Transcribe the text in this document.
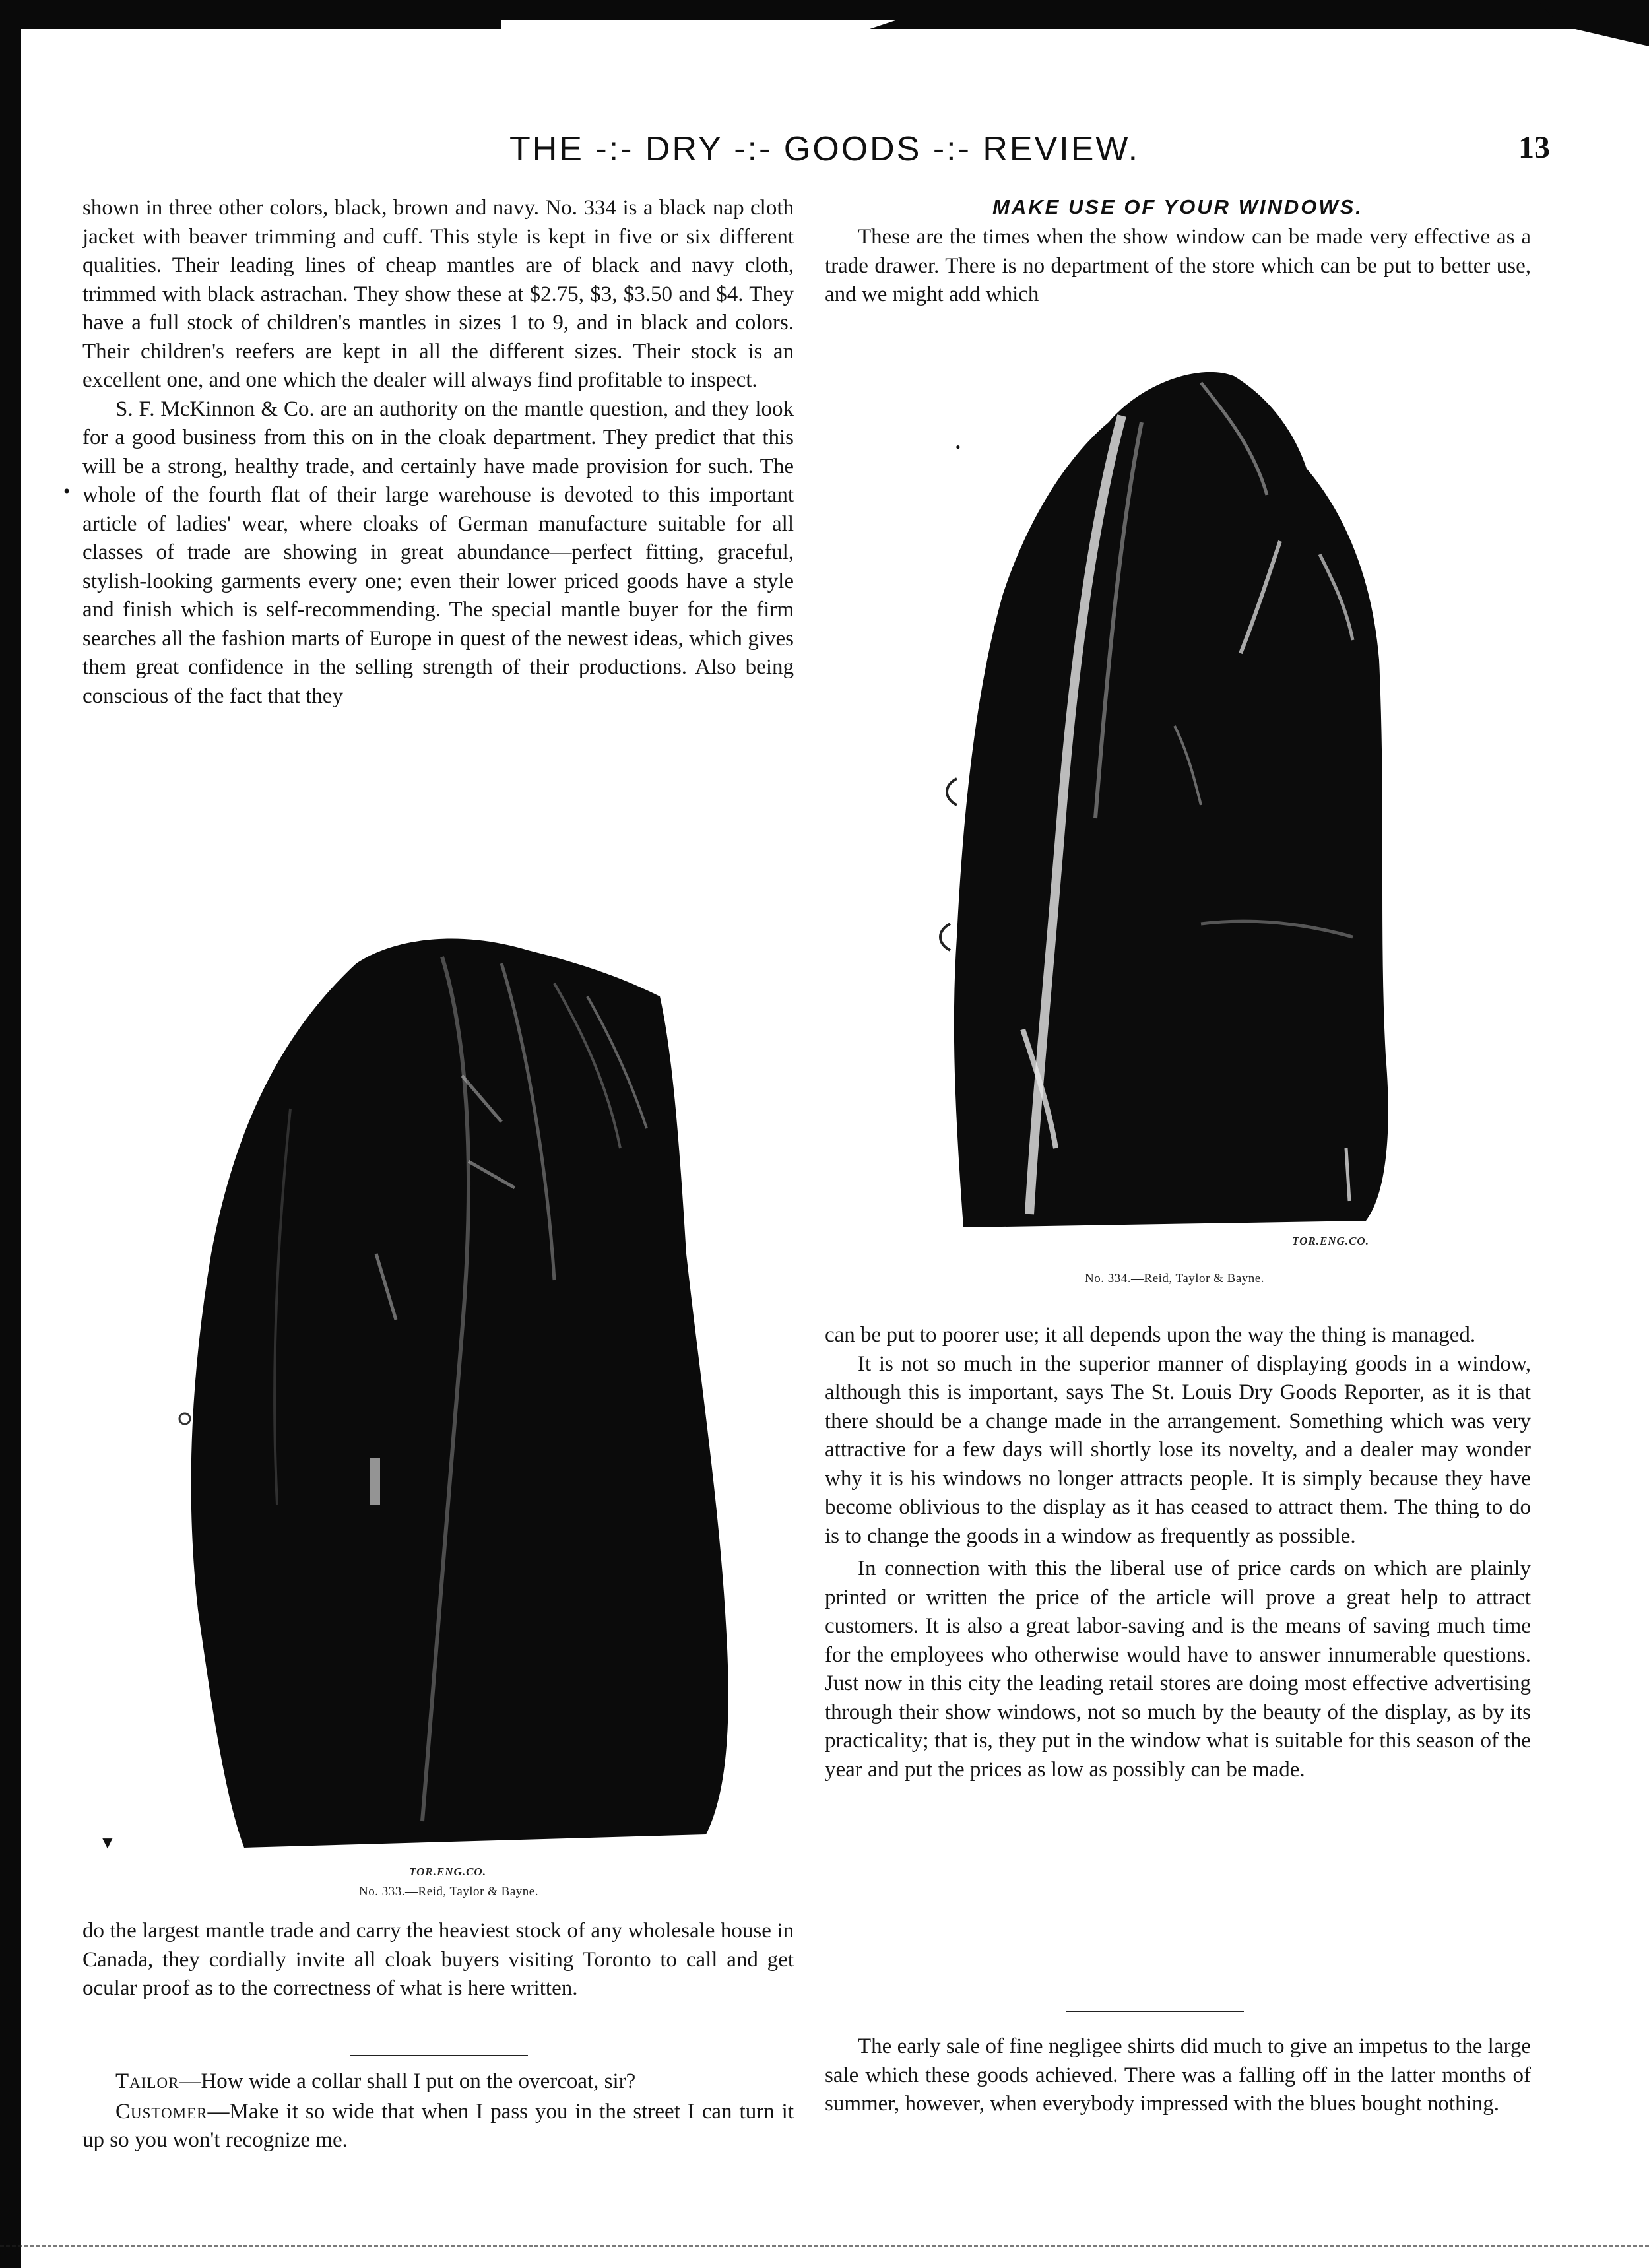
THE -:- DRY -:- GOODS -:- REVIEW.	13

shown in three other colors, black, brown and navy. No. 334 is a black nap cloth jacket with beaver trimming and cuff. This style is kept in five or six different qualities. Their leading lines of cheap mantles are of black and navy cloth, trimmed with black astrachan. They show these at $2.75, $3, $3.50 and $4. They have a full stock of children's mantles in sizes 1 to 9, and in black and colors. Their children's reefers are kept in all the different sizes. Their stock is an excellent one, and one which the dealer will always find profitable to inspect.

S. F. McKinnon & Co. are an authority on the mantle question, and they look for a good business from this on in the cloak department. They predict that this will be a strong, healthy trade, and certainly have made provision for such. The whole of the fourth flat of their large warehouse is devoted to this important article of ladies' wear, where cloaks of German manufacture suitable for all classes of trade are showing in great abundance—perfect fitting, graceful, stylish-looking garments every one; even their lower priced goods have a style and finish which is self-recommending. The special mantle buyer for the firm searches all the fashion marts of Europe in quest of the newest ideas, which gives them great confidence in the selling strength of their productions. Also being conscious of the fact that they

•
TOR.ENG.CO.
▼
No. 333.—Reid, Taylor & Bayne.

do the largest mantle trade and carry the heaviest stock of any wholesale house in Canada, they cordially invite all cloak buyers visiting Toronto to call and get ocular proof as to the correctness of what is here written.

Tailor—How wide a collar shall I put on the overcoat, sir?

Customer—Make it so wide that when I pass you in the street I can turn it up so you won't recognize me.

MAKE USE OF YOUR WINDOWS.

These are the times when the show window can be made very effective as a trade drawer. There is no department of the store which can be put to better use, and we might add which

•
TOR.ENG.CO.
No. 334.—Reid, Taylor & Bayne.

can be put to poorer use; it all depends upon the way the thing is managed.

It is not so much in the superior manner of displaying goods in a window, although this is important, says The St. Louis Dry Goods Reporter, as it is that there should be a change made in the arrangement. Something which was very attractive for a few days will shortly lose its novelty, and a dealer may wonder why it is his windows no longer attracts people. It is simply because they have become oblivious to the display as it has ceased to attract them. The thing to do is to change the goods in a window as frequently as possible.

In connection with this the liberal use of price cards on which are plainly printed or written the price of the article will prove a great help to attract customers. It is also a great labor-saving and is the means of saving much time for the employees who otherwise would have to answer innumerable questions. Just now in this city the leading retail stores are doing most effective advertising through their show windows, not so much by the beauty of the display, as by its practicality; that is, they put in the window what is suitable for this season of the year and put the prices as low as possibly can be made.

The early sale of fine negligee shirts did much to give an impetus to the large sale which these goods achieved. There was a falling off in the latter months of summer, however, when everybody impressed with the blues bought nothing.
